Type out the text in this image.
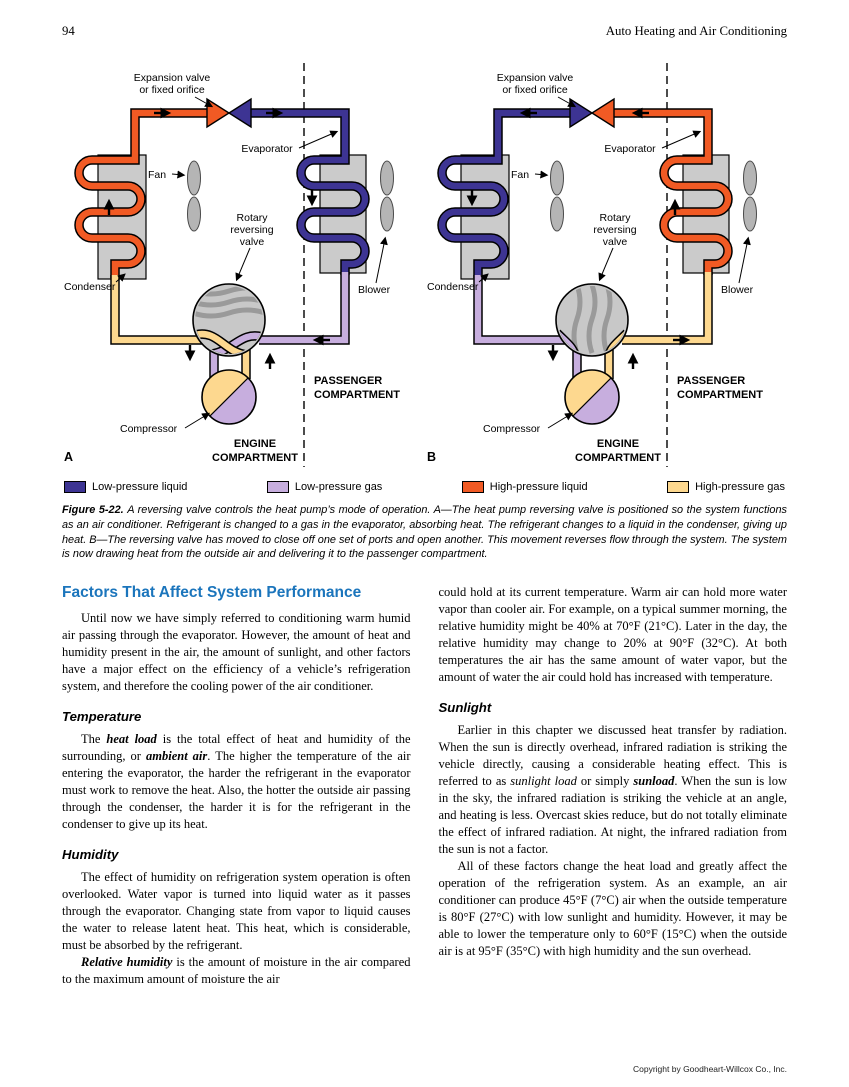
94	Auto Heating and Air Conditioning
Expansion valve
or fixed orifice
Evaporator
Fan
Rotary
reversing
valve
Condenser	Blower
Compressor
PASSENGER
COMPARTMENT
ENGINE
COMPARTMENT
A
Expansion valve
or fixed orifice
Evaporator
Fan
Rotary
reversing
valve
Condenser	Blower
Compressor
PASSENGER
COMPARTMENT
ENGINE
COMPARTMENT
B
Low-pressure liquid	Low-pressure gas	High-pressure liquid	High-pressure gas

Figure 5-22. A reversing valve controls the heat pump’s mode of operation. A—The heat pump reversing valve is positioned so the system functions as an air conditioner. Refrigerant is changed to a gas in the evaporator, absorbing heat. The refrigerant changes to a liquid in the condenser, giving up heat. B—The reversing valve has moved to close off one set of ports and open another. This movement reverses flow through the system. The system is now drawing heat from the outside air and delivering it to the passenger compartment.

Factors That Affect System Performance

Until now we have simply referred to conditioning warm humid air passing through the evaporator. However, the amount of heat and humidity present in the air, the amount of sunlight, and other factors have a major effect on the efficiency of a vehicle’s refrigeration system, and therefore the cooling power of the air conditioner.

Temperature

The heat load is the total effect of heat and humidity of the surrounding, or ambient air. The higher the temperature of the air entering the evaporator, the harder the refrigerant in the evaporator must work to remove the heat. Also, the hotter the outside air passing through the condenser, the harder it is for the refrigerant in the condenser to give up its heat.

Humidity

The effect of humidity on refrigeration system operation is often overlooked. Water vapor is turned into liquid water as it passes through the evaporator. Changing state from vapor to liquid causes the water to release latent heat. This heat, which is considerable, must be absorbed by the refrigerant.

Relative humidity is the amount of moisture in the air compared to the maximum amount of moisture the air

could hold at its current temperature. Warm air can hold more water vapor than cooler air. For example, on a typical summer morning, the relative humidity might be 40% at 70°F (21°C). Later in the day, the relative humidity may change to 20% at 90°F (32°C). At both temperatures the air has the same amount of water vapor, but the amount of water the air could hold has increased with temperature.

Sunlight

Earlier in this chapter we discussed heat transfer by radiation. When the sun is directly overhead, infrared radiation is striking the vehicle directly, causing a considerable heating effect. This is referred to as sunlight load or simply sunload. When the sun is low in the sky, the infrared radiation is striking the vehicle at an angle, and heating is less. Overcast skies reduce, but do not totally eliminate the effect of infrared radiation. At night, the infrared radiation from the sun is not a factor.

All of these factors change the heat load and greatly affect the operation of the refrigeration system. As an example, an air conditioner can produce 45°F (7°C) air when the outside temperature is 80°F (27°C) with low sunlight and humidity. However, it may be able to lower the temperature only to 60°F (15°C) when the outside air is at 95°F (35°C) with high humidity and the sun overhead.

Copyright by Goodheart-Willcox Co., Inc.
